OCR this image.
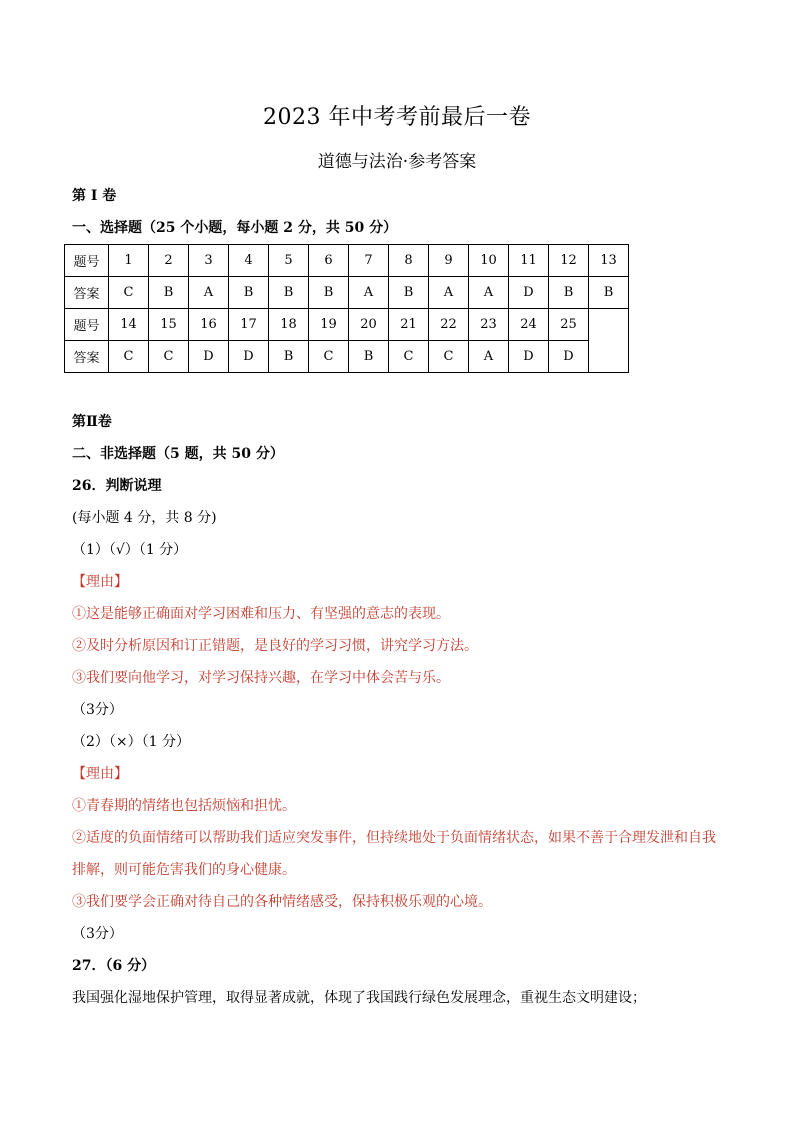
2023 年中考考前最后一卷
道德与法治·参考答案
第 I 卷
一、选择题（25 个小题，每小题 2 分，共 50 分）
题号	1	2	3	4	5	6	7	8	9	10	11	12	13
答案	C	B	A	B	B	B	A	B	A	A	D	B	B
题号	14	15	16	17	18	19	20	21	22	23	24	25	
答案	C	C	D	D	B	C	B	C	C	A	D	D	
第Ⅱ卷
二、非选择题（5 题，共 50 分）
26．判断说理
(每小题 4 分，共 8 分)
（1）（√）（1 分）
【理由】
①这是能够正确面对学习困难和压力、有坚强的意志的表现。
②及时分析原因和订正错题，是良好的学习习惯，讲究学习方法。
③我们要向他学习，对学习保持兴趣，在学习中体会苦与乐。
（3分）
（2）（×）（1 分）
【理由】
①青春期的情绪也包括烦恼和担忧。
②适度的负面情绪可以帮助我们适应突发事件，但持续地处于负面情绪状态，如果不善于合理发泄和自我
排解，则可能危害我们的身心健康。
③我们要学会正确对待自己的各种情绪感受，保持积极乐观的心境。
（3分）
27．（6 分）
我国强化湿地保护管理，取得显著成就，体现了我国践行绿色发展理念，重视生态文明建设；
